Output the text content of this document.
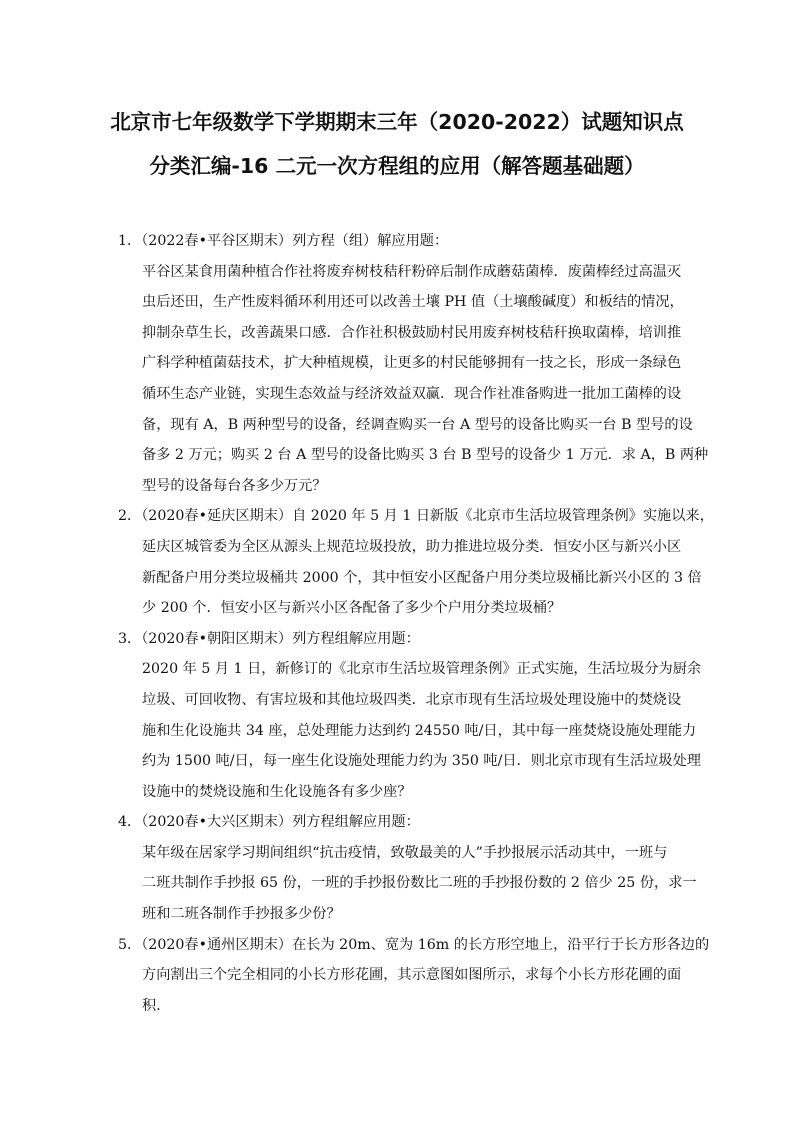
北京市七年级数学下学期期末三年（2020-2022）试题知识点
分类汇编-16 二元一次方程组的应用（解答题基础题）
1．（2022春•平谷区期末）列方程（组）解应用题：
平谷区某食用菌种植合作社将废弃树枝秸秆粉碎后制作成蘑菇菌棒．废菌棒经过高温灭
虫后还田，生产性废料循环利用还可以改善土壤 PH 值（土壤酸碱度）和板结的情况，
抑制杂草生长，改善蔬果口感．合作社积极鼓励村民用废弃树枝秸秆换取菌棒，培训推
广科学种植菌菇技术，扩大种植规模，让更多的村民能够拥有一技之长，形成一条绿色
循环生态产业链，实现生态效益与经济效益双赢．现合作社准备购进一批加工菌棒的设
备，现有 A，B 两种型号的设备，经调查购买一台 A 型号的设备比购买一台 B 型号的设
备多 2 万元；购买 2 台 A 型号的设备比购买 3 台 B 型号的设备少 1 万元．求 A，B 两种
型号的设备每台各多少万元？
2．（2020春•延庆区期末）自 2020 年 5 月 1 日新版《北京市生活垃圾管理条例》实施以来，
延庆区城管委为全区从源头上规范垃圾投放，助力推进垃圾分类．恒安小区与新兴小区
新配备户用分类垃圾桶共 2000 个，其中恒安小区配备户用分类垃圾桶比新兴小区的 3 倍
少 200 个．恒安小区与新兴小区各配备了多少个户用分类垃圾桶？
3．（2020春•朝阳区期末）列方程组解应用题：
2020 年 5 月 1 日，新修订的《北京市生活垃圾管理条例》正式实施，生活垃圾分为厨余
垃圾、可回收物、有害垃圾和其他垃圾四类．北京市现有生活垃圾处理设施中的焚烧设
施和生化设施共 34 座，总处理能力达到约 24550 吨/日，其中每一座焚烧设施处理能力
约为 1500 吨/日，每一座生化设施处理能力约为 350 吨/日．则北京市现有生活垃圾处理
设施中的焚烧设施和生化设施各有多少座？
4．（2020春•大兴区期末）列方程组解应用题：
某年级在居家学习期间组织“抗击疫情，致敬最美的人”手抄报展示活动其中，一班与
二班共制作手抄报 65 份，一班的手抄报份数比二班的手抄报份数的 2 倍少 25 份，求一
班和二班各制作手抄报多少份？
5．（2020春•通州区期末）在长为 20m、宽为 16m 的长方形空地上，沿平行于长方形各边的
方向割出三个完全相同的小长方形花圃，其示意图如图所示，求每个小长方形花圃的面
积．
